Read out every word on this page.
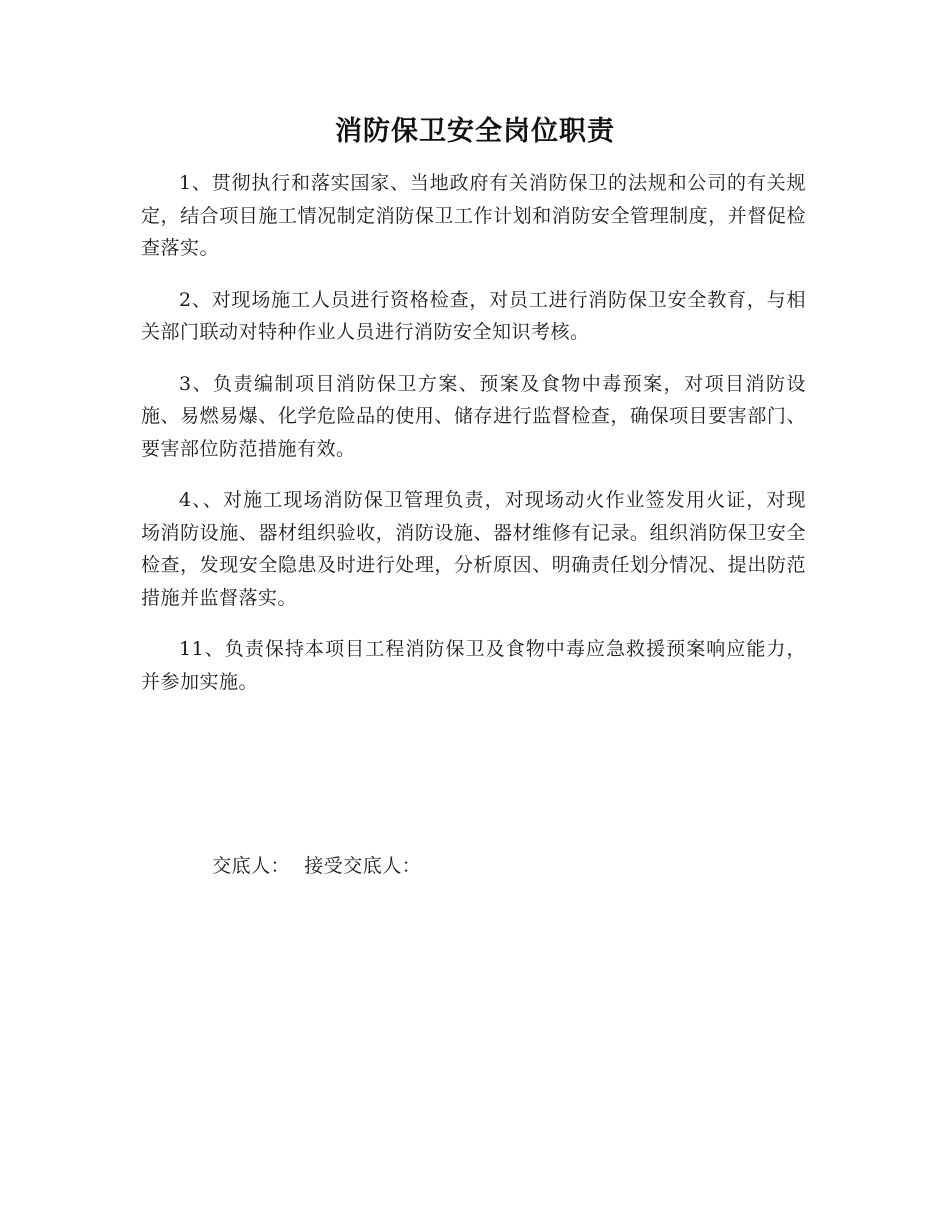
消防保卫安全岗位职责

1、贯彻执行和落实国家、当地政府有关消防保卫的法规和公司的有关规定，结合项目施工情况制定消防保卫工作计划和消防安全管理制度，并督促检查落实。

2、对现场施工人员进行资格检查，对员工进行消防保卫安全教育，与相关部门联动对特种作业人员进行消防安全知识考核。

3、负责编制项目消防保卫方案、预案及食物中毒预案，对项目消防设施、易燃易爆、化学危险品的使用、储存进行监督检查，确保项目要害部门、要害部位防范措施有效。

4、、对施工现场消防保卫管理负责，对现场动火作业签发用火证，对现场消防设施、器材组织验收，消防设施、器材维修有记录。组织消防保卫安全检查，发现安全隐患及时进行处理，分析原因、明确责任划分情况、提出防范措施并监督落实。

11、负责保持本项目工程消防保卫及食物中毒应急救援预案响应能力，并参加实施。

交底人： 接受交底人：
